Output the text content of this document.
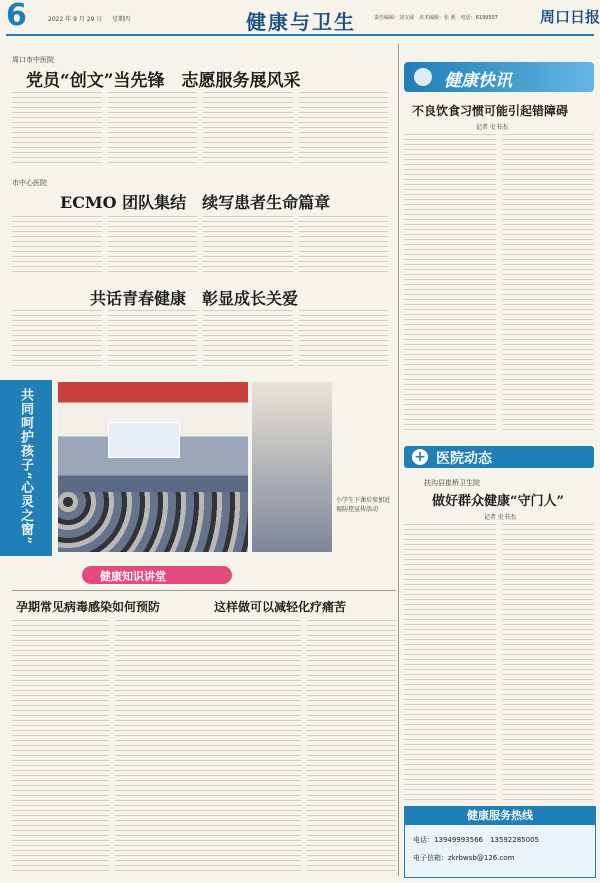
6	2022 年 9 月 29 日 星期四	健康与卫生	责任编辑：刘文威　美术编辑：张 莉　电话：6199507	周口日报
周口市中医院
党员“创文”当先锋　志愿服务展风采
市中心医院
ECMO 团队集结　续写患者生命篇章
共话青春健康　彰显成长关爱
健康快讯
不良饮食习惯可能引起错障碍
记者 史书杰
共同呵护孩子“心灵之窗”	小学生下课后参加近视防控宣传活动
+ 医院动态
扶沟县崔桥卫生院
做好群众健康“守门人”
记者 史书杰
健康知识讲堂
孕期常见病毒感染如何预防	这样做可以减轻化疗痛苦
健康服务热线
电话：13949993566　13592285005
电子信箱：zkrbwsb@126.com
